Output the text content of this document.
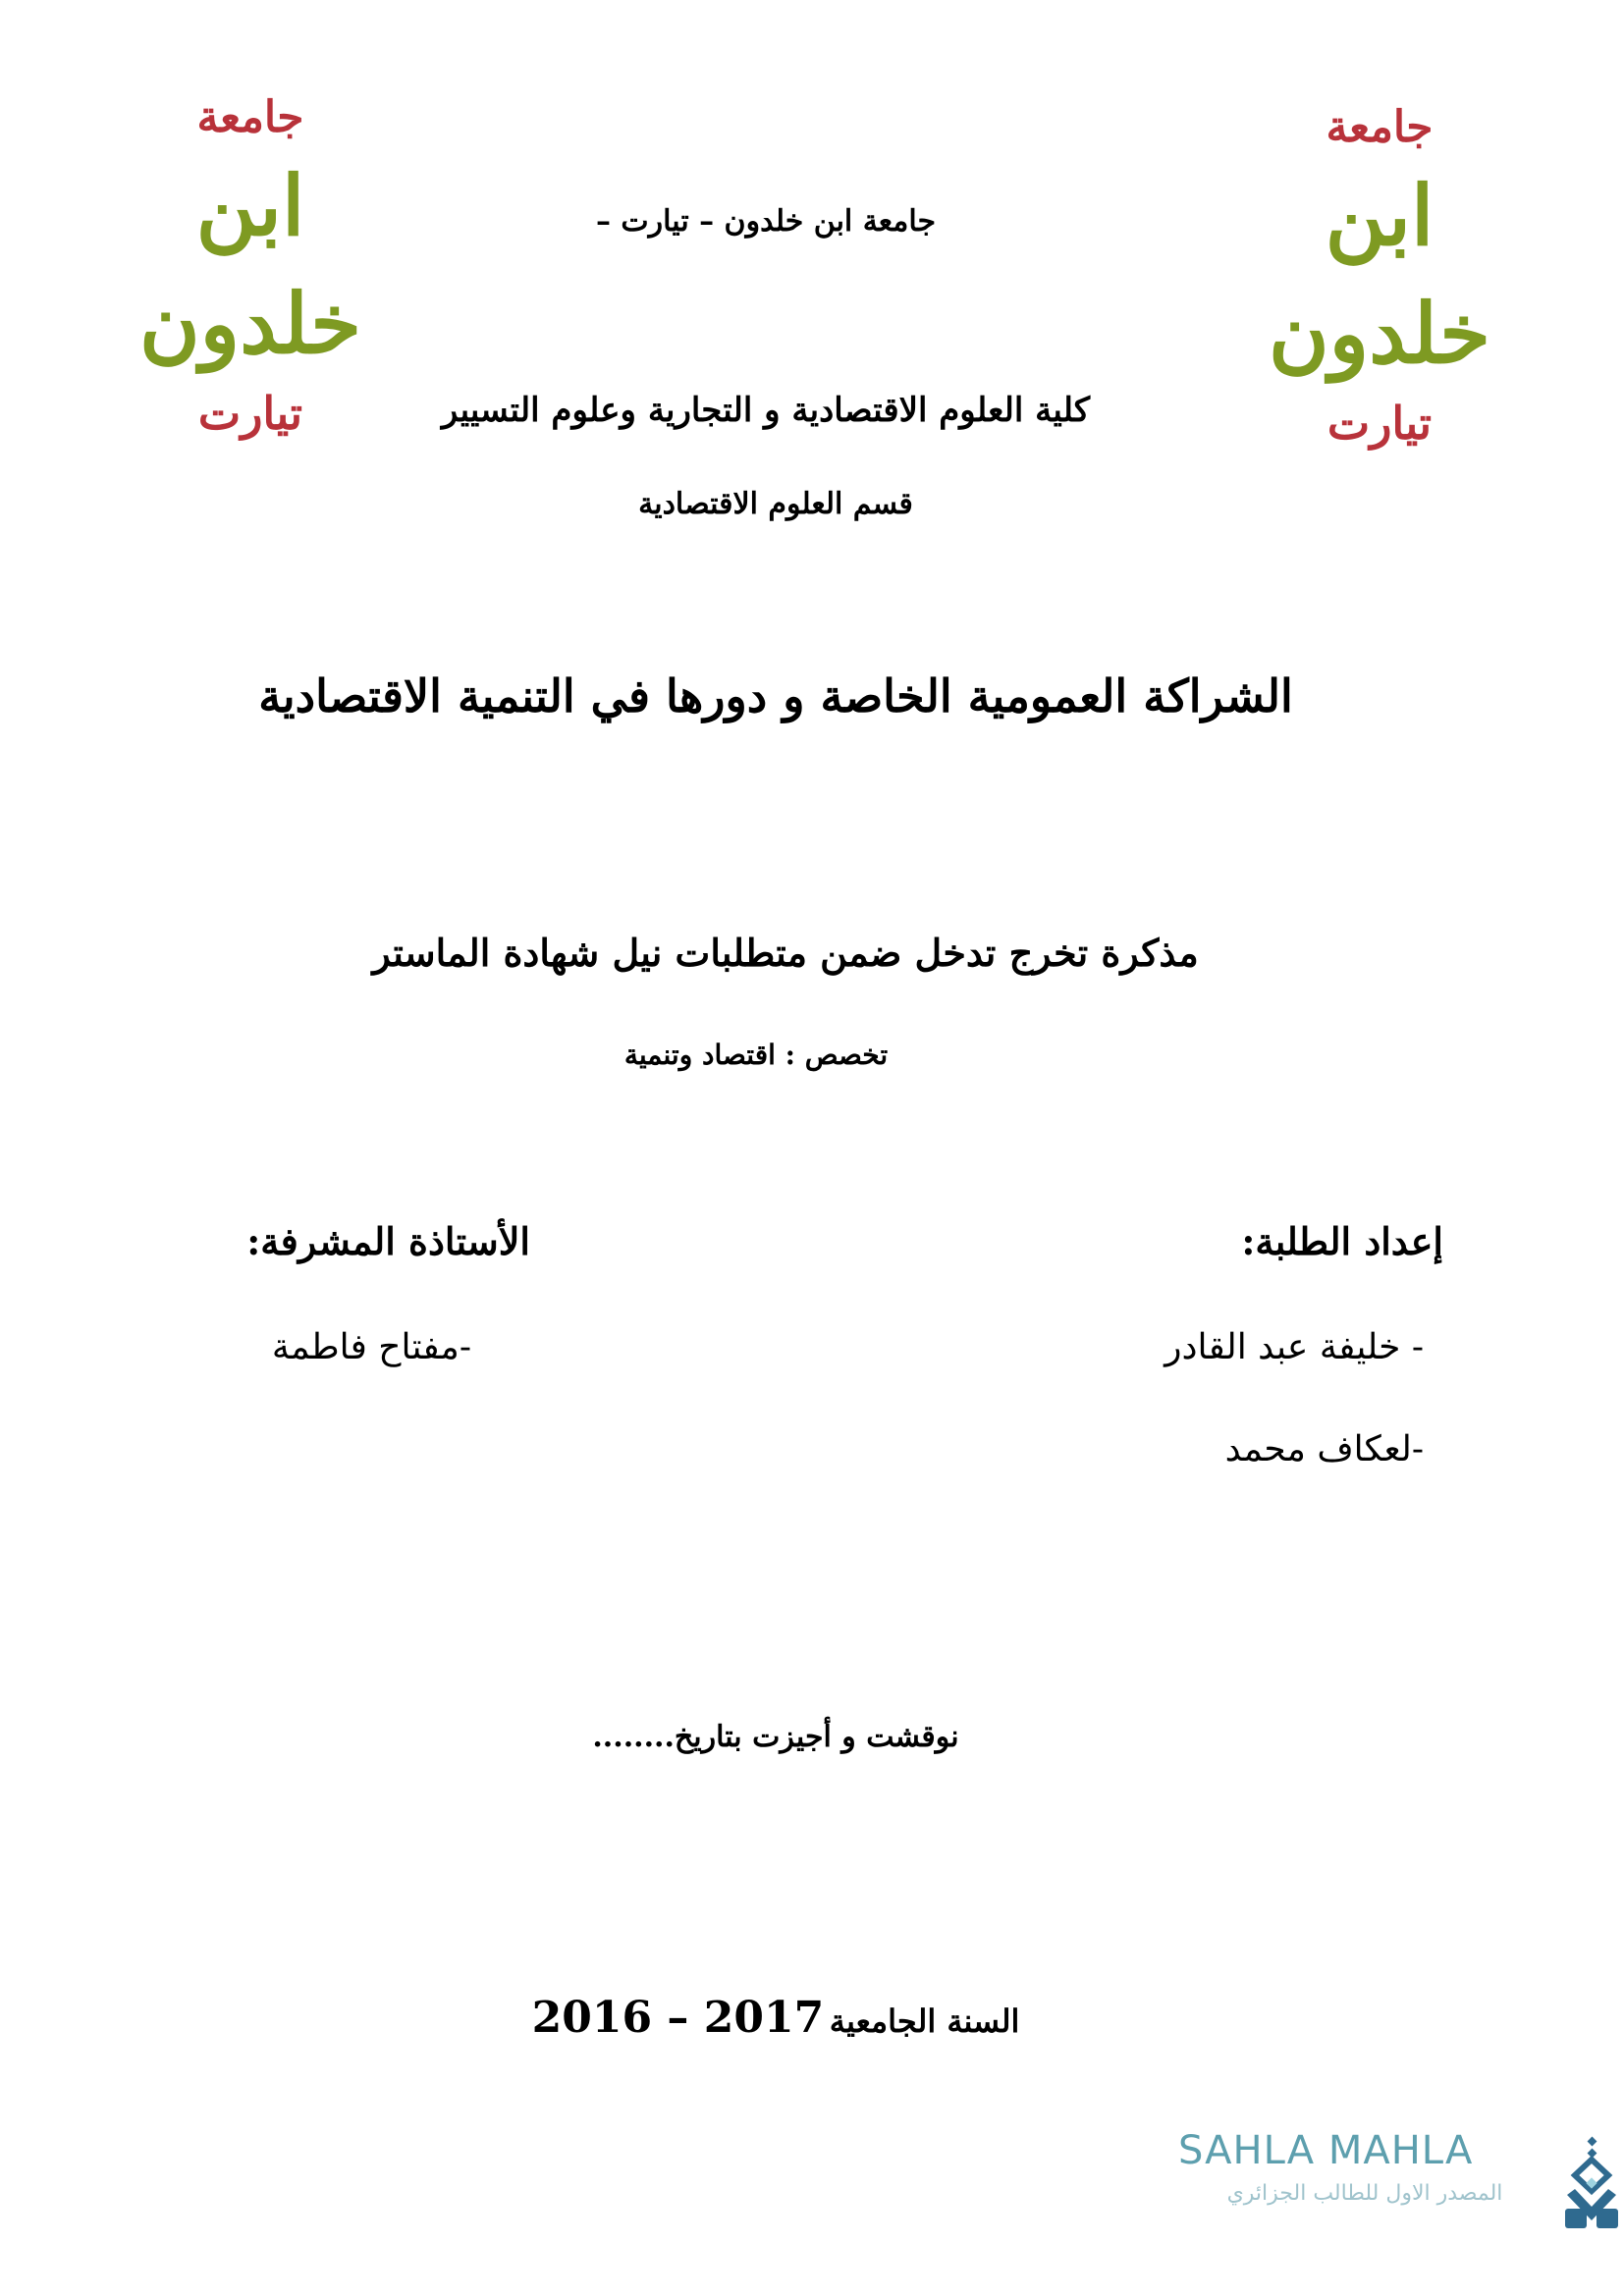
جامعة
ابن خلدون
تيارت
جامعة
ابن خلدون
تيارت
جامعة ابن خلدون – تيارت –
كلية العلوم الاقتصادية و التجارية وعلوم التسيير
قسم العلوم الاقتصادية
الشراكة العمومية الخاصة و دورها في التنمية الاقتصادية
مذكرة تخرج تدخل ضمن متطلبات نيل شهادة الماستر
تخصص : اقتصاد وتنمية
إعداد الطلبة:
الأستاذة المشرفة:
- خليفة عبد القادر
-مفتاح فاطمة
-لعكاف محمد
نوقشت و أجيزت بتاريخ........
السنة الجامعية 2016 – 2017
SAHLA MAHLA
المصدر الاول للطالب الجزائري
